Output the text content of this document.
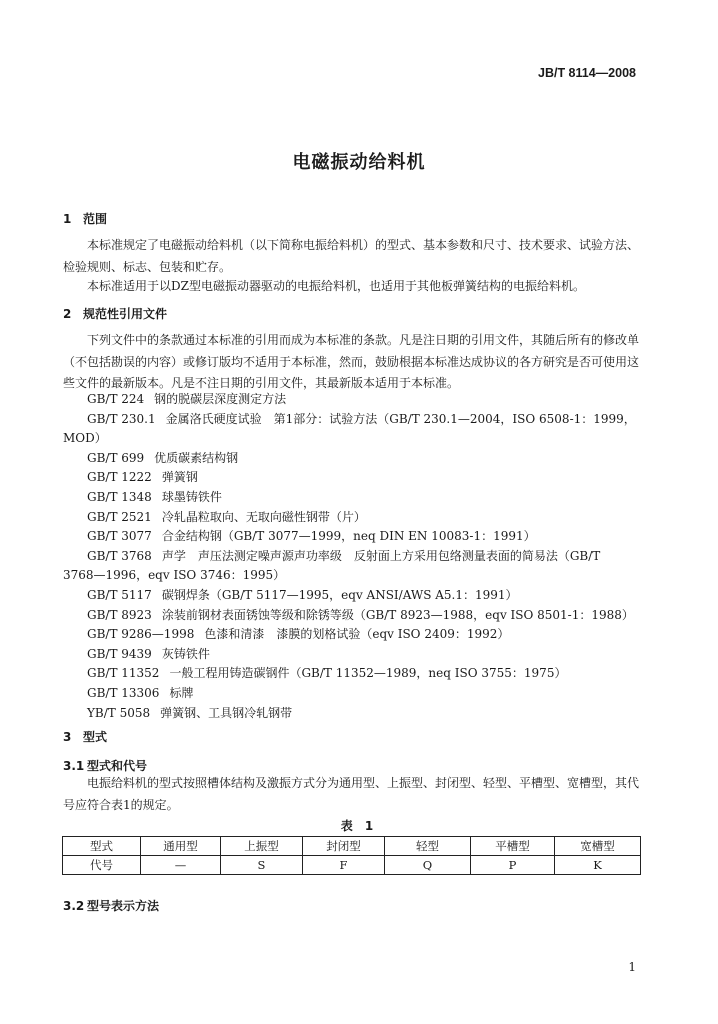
JB/T 8114—2008
电磁振动给料机
1 范围

本标准规定了电磁振动给料机（以下简称电振给料机）的型式、基本参数和尺寸、技术要求、试验方法、检验规则、标志、包装和贮存。

本标准适用于以DZ型电磁振动器驱动的电振给料机，也适用于其他板弹簧结构的电振给料机。

2 规范性引用文件

下列文件中的条款通过本标准的引用而成为本标准的条款。凡是注日期的引用文件，其随后所有的修改单（不包括勘误的内容）或修订版均不适用于本标准，然而，鼓励根据本标准达成协议的各方研究是否可使用这些文件的最新版本。凡是不注日期的引用文件，其最新版本适用于本标准。

GB/T 224 钢的脱碳层深度测定方法
GB/T 230.1 金属洛氏硬度试验　第1部分：试验方法（GB/T 230.1—2004，ISO 6508-1：1999，
MOD）
GB/T 699 优质碳素结构钢
GB/T 1222 弹簧钢
GB/T 1348 球墨铸铁件
GB/T 2521 冷轧晶粒取向、无取向磁性钢带（片）
GB/T 3077 合金结构钢（GB/T 3077—1999，neq DIN EN 10083-1：1991）
GB/T 3768 声学　声压法测定噪声源声功率级　反射面上方采用包络测量表面的简易法（GB/T
3768—1996，eqv ISO 3746：1995）
GB/T 5117 碳钢焊条（GB/T 5117—1995，eqv ANSI/AWS A5.1：1991）
GB/T 8923 涂装前钢材表面锈蚀等级和除锈等级（GB/T 8923—1988，eqv ISO 8501-1：1988）
GB/T 9286—1998 色漆和清漆　漆膜的划格试验（eqv ISO 2409：1992）
GB/T 9439 灰铸铁件
GB/T 11352 一般工程用铸造碳钢件（GB/T 11352—1989，neq ISO 3755：1975）
GB/T 13306 标牌
YB/T 5058 弹簧钢、工具钢冷轧钢带
3 型式
3.1 型式和代号

电振给料机的型式按照槽体结构及激振方式分为通用型、上振型、封闭型、轻型、平槽型、宽槽型，其代号应符合表1的规定。

表 1
型式	通用型	上振型	封闭型	轻型	平槽型	宽槽型
代号	—	S	F	Q	P	K
3.2 型号表示方法
1
